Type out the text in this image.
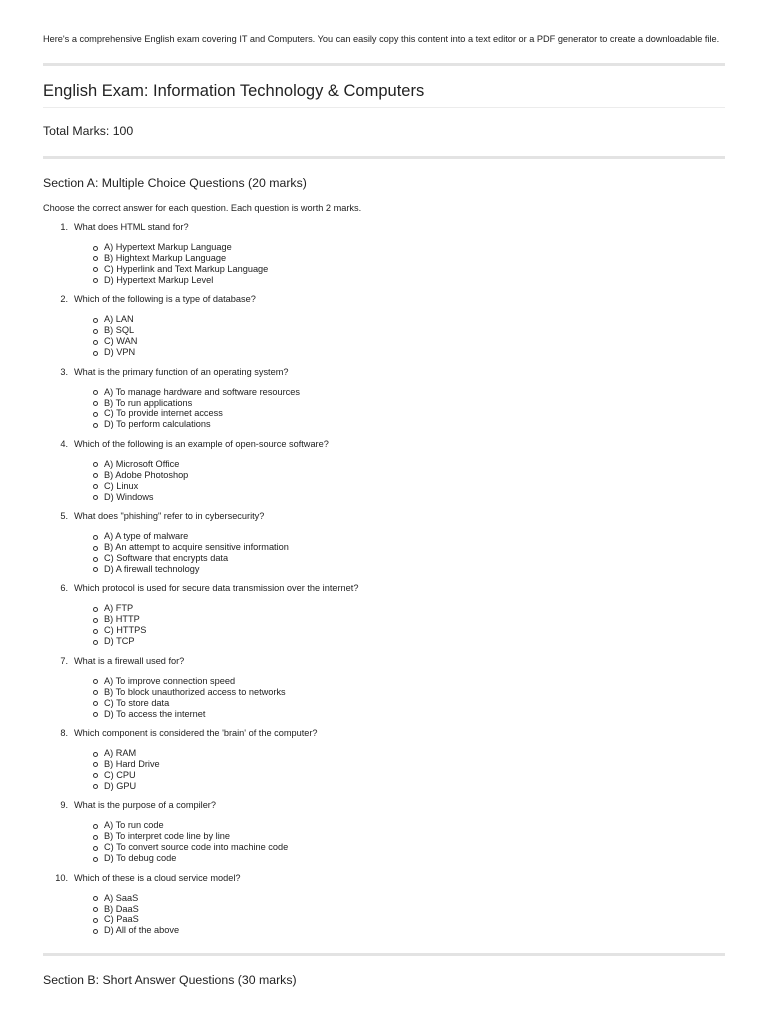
Here's a comprehensive English exam covering IT and Computers. You can easily copy this content into a text editor or a PDF generator to create a downloadable file.
English Exam: Information Technology & Computers
Total Marks: 100
Section A: Multiple Choice Questions (20 marks)
Choose the correct answer for each question. Each question is worth 2 marks.
1. What does HTML stand for?
A) Hypertext Markup Language
B) Hightext Markup Language
C) Hyperlink and Text Markup Language
D) Hypertext Markup Level
2. Which of the following is a type of database?
A) LAN
B) SQL
C) WAN
D) VPN
3. What is the primary function of an operating system?
A) To manage hardware and software resources
B) To run applications
C) To provide internet access
D) To perform calculations
4. Which of the following is an example of open-source software?
A) Microsoft Office
B) Adobe Photoshop
C) Linux
D) Windows
5. What does "phishing" refer to in cybersecurity?
A) A type of malware
B) An attempt to acquire sensitive information
C) Software that encrypts data
D) A firewall technology
6. Which protocol is used for secure data transmission over the internet?
A) FTP
B) HTTP
C) HTTPS
D) TCP
7. What is a firewall used for?
A) To improve connection speed
B) To block unauthorized access to networks
C) To store data
D) To access the internet
8. Which component is considered the 'brain' of the computer?
A) RAM
B) Hard Drive
C) CPU
D) GPU
9. What is the purpose of a compiler?
A) To run code
B) To interpret code line by line
C) To convert source code into machine code
D) To debug code
10. Which of these is a cloud service model?
A) SaaS
B) DaaS
C) PaaS
D) All of the above
Section B: Short Answer Questions (30 marks)
